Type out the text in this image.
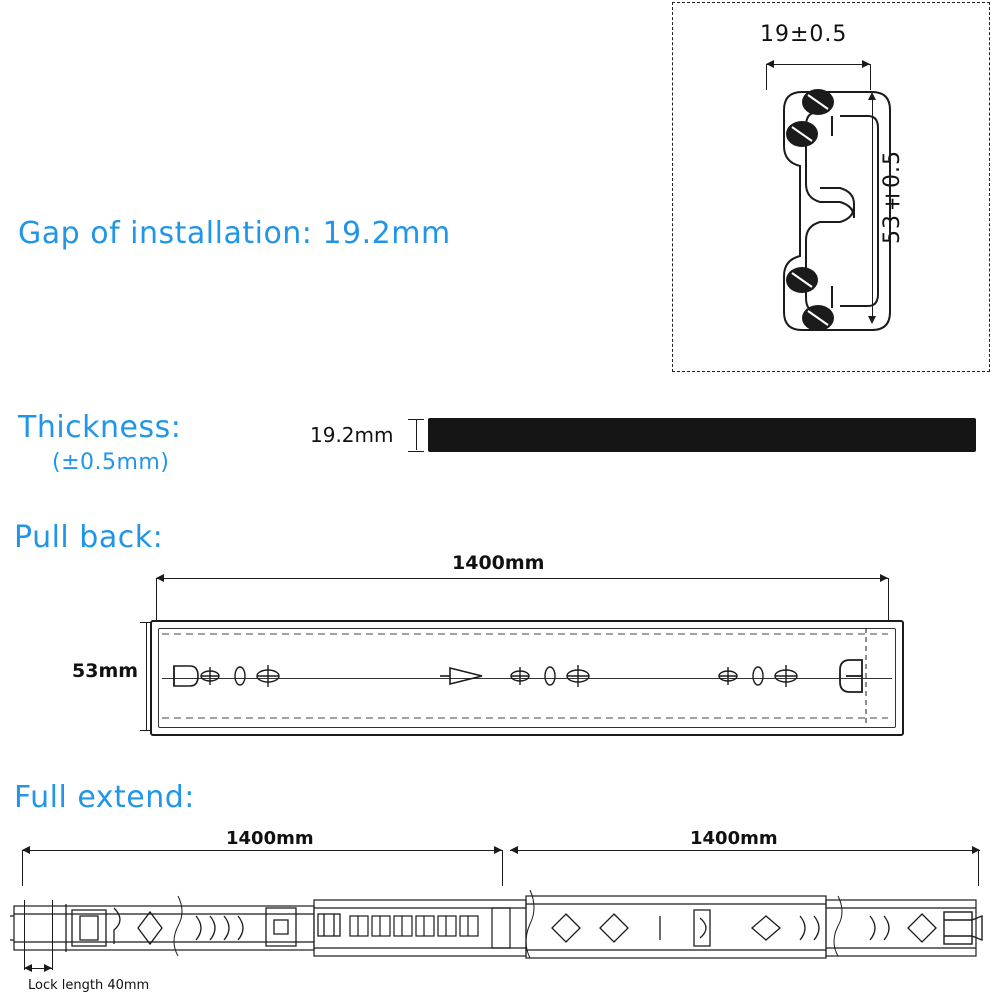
19±0.5
53±0.5
Gap of installation: 19.2mm
Thickness:
(±0.5mm)
19.2mm
Pull back:
1400mm
53mm
Full extend:
1400mm	1400mm
Lock length 40mm
